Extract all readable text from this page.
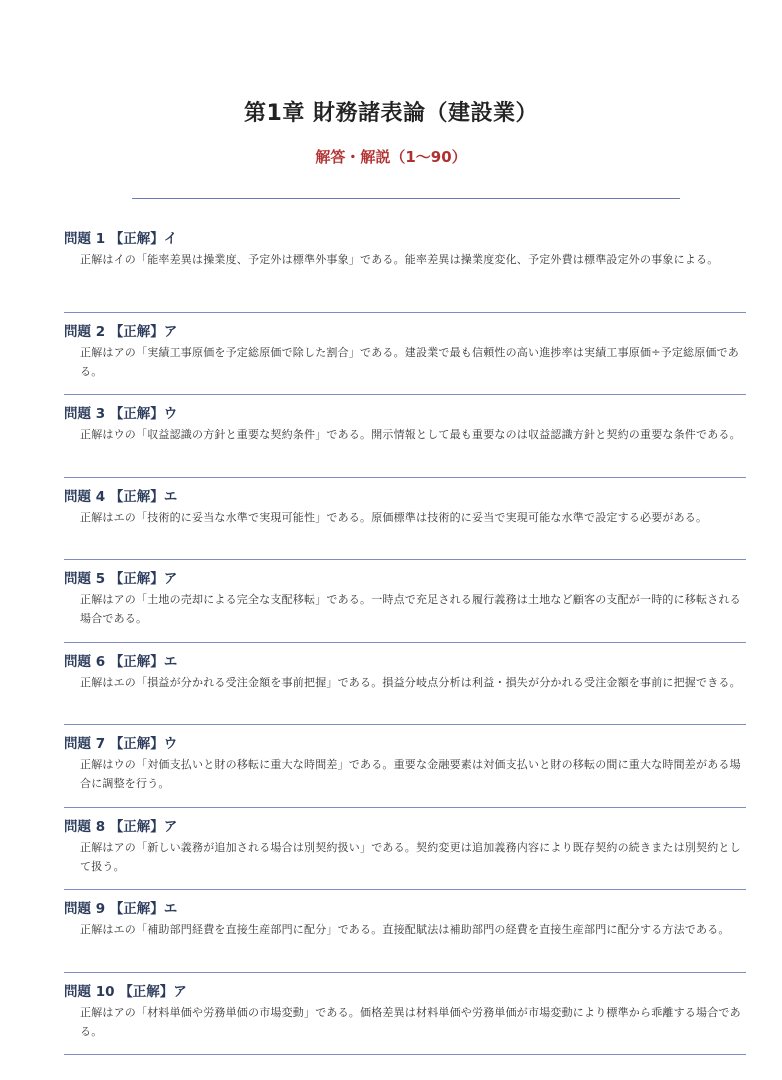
第1章 財務諸表論（建設業）
解答・解説（1〜90）
問題 1 【正解】イ
正解はイの「能率差異は操業度、予定外は標準外事象」である。能率差異は操業度変化、予定外費は標準設定外の事象による。
問題 2 【正解】ア
正解はアの「実績工事原価を予定総原価で除した割合」である。建設業で最も信頼性の高い進捗率は実績工事原価÷予定総原価である。
問題 3 【正解】ウ
正解はウの「収益認識の方針と重要な契約条件」である。開示情報として最も重要なのは収益認識方針と契約の重要な条件である。
問題 4 【正解】エ
正解はエの「技術的に妥当な水準で実現可能性」である。原価標準は技術的に妥当で実現可能な水準で設定する必要がある。
問題 5 【正解】ア
正解はアの「土地の売却による完全な支配移転」である。一時点で充足される履行義務は土地など顧客の支配が一時的に移転される場合である。
問題 6 【正解】エ
正解はエの「損益が分かれる受注金額を事前把握」である。損益分岐点分析は利益・損失が分かれる受注金額を事前に把握できる。
問題 7 【正解】ウ
正解はウの「対価支払いと財の移転に重大な時間差」である。重要な金融要素は対価支払いと財の移転の間に重大な時間差がある場合に調整を行う。
問題 8 【正解】ア
正解はアの「新しい義務が追加される場合は別契約扱い」である。契約変更は追加義務内容により既存契約の続きまたは別契約として扱う。
問題 9 【正解】エ
正解はエの「補助部門経費を直接生産部門に配分」である。直接配賦法は補助部門の経費を直接生産部門に配分する方法である。
問題 10 【正解】ア
正解はアの「材料単価や労務単価の市場変動」である。価格差異は材料単価や労務単価が市場変動により標準から乖離する場合である。
